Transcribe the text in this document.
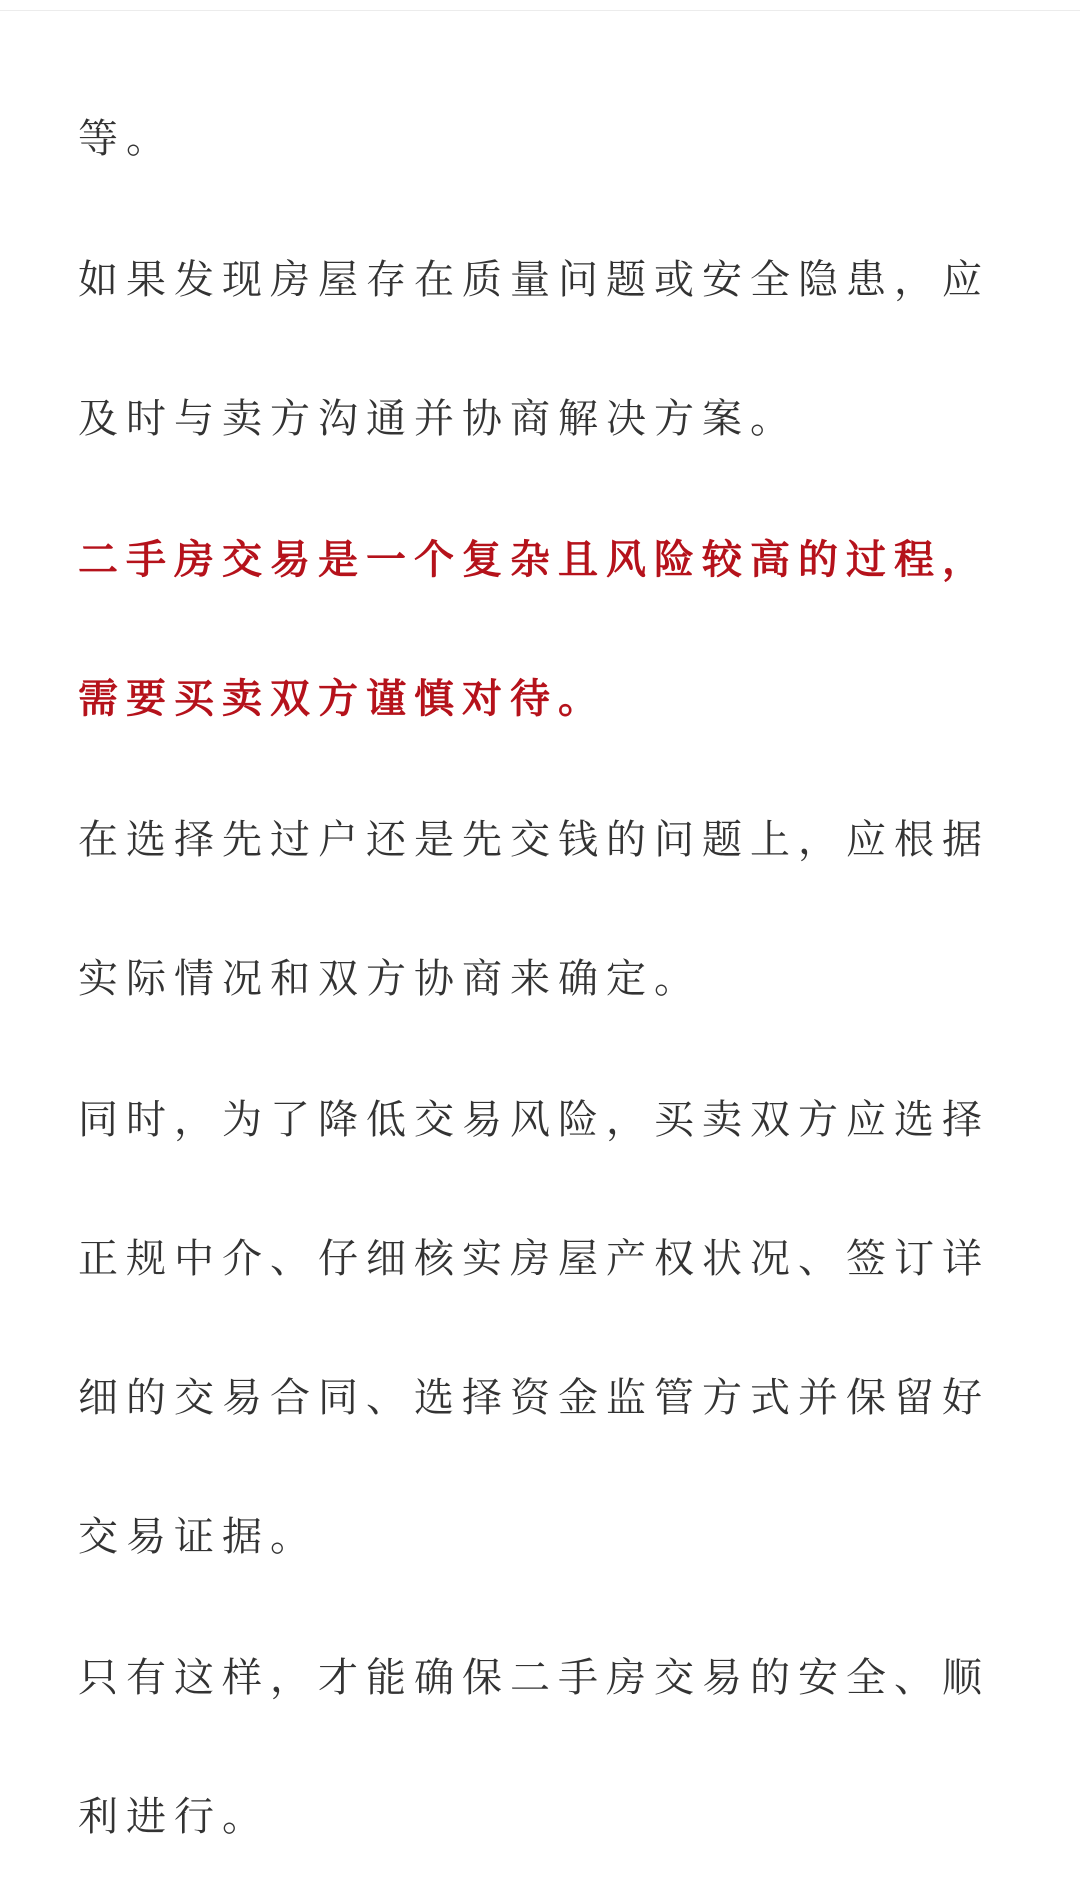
等。

如果发现房屋存在质量问题或安全隐患，应
及时与卖方沟通并协商解决方案。

二手房交易是一个复杂且风险较高的过程，
需要买卖双方谨慎对待。

在选择先过户还是先交钱的问题上，应根据
实际情况和双方协商来确定。

同时，为了降低交易风险，买卖双方应选择
正规中介、仔细核实房屋产权状况、签订详
细的交易合同、选择资金监管方式并保留好
交易证据。

只有这样，才能确保二手房交易的安全、顺
利进行。
